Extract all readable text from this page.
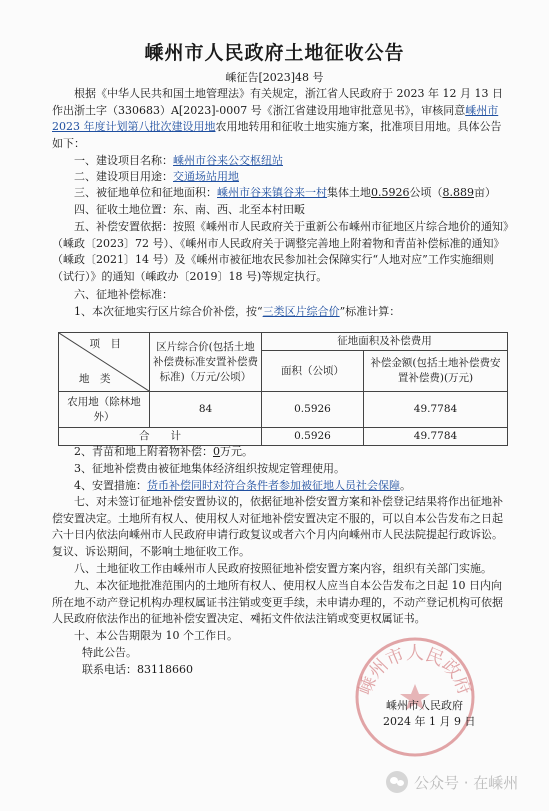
嵊州市人民政府土地征收公告
嵊征告[2023]48 号
根据《中华人民共和国土地管理法》有关规定，浙江省人民政府于 2023 年 12 月 13 日作出浙土字（330683）A[2023]-0007 号《浙江省建设用地审批意见书》，审核同意嵊州市 2023 年度计划第八批次建设用地农用地转用和征收土地实施方案，批准项目用地。具体公告如下：
一、建设项目名称：嵊州市谷来公交枢纽站
二、建设项目用途：交通场站用地
三、被征地单位和征地面积：嵊州市谷来镇谷来一村集体土地0.5926公顷（8.889亩）
四、征收土地位置：东、南、西、北至本村田畈
五、补偿安置依据：按照《嵊州市人民政府关于重新公布嵊州市征地区片综合地价的通知》（嵊政〔2023〕72 号）、《嵊州市人民政府关于调整完善地上附着物和青苗补偿标准的通知》（嵊政〔2021〕14 号）及《嵊州市被征地农民参加社会保障实行“人地对应”工作实施细则（试行）》的通知（嵊政办〔2019〕18 号)等规定执行。
六、征地补偿标准：
1、本次征地实行区片综合价补偿，按“三类区片综合价”标准计算：
项　目
地　类	区片综合价(包括土地补偿费标准安置补偿费标准)（万元/公顷）	征地面积及补偿费用	
		面积（公顷）	补偿金额(包括土地补偿费安置补偿费)(万元)
农用地（除林地外）	84	0.5926	49.7784
合　　计		0.5926	49.7784
2、青苗和地上附着物补偿：0万元。
3、征地补偿费由被征地集体经济组织按规定管理使用。
4、安置措施：货币补偿同时对符合条件者参加被征地人员社会保障。
七、对未签订征地补偿安置协议的，依据征地补偿安置方案和补偿登记结果将作出征地补偿安置决定。土地所有权人、使用权人对征地补偿安置决定不服的，可以自本公告发布之日起六十日内依法向嵊州市人民政府申请行政复议或者六个月内向嵊州市人民法院提起行政诉讼。复议、诉讼期间，不影响土地征收工作。
八、土地征收工作由嵊州市人民政府按照征地补偿安置方案内容，组织有关部门实施。
九、本次征地批准范围内的土地所有权人、使用权人应当自本公告发布之日起 10 日内向所在地不动产登记机构办理权属证书注销或变更手续，未申请办理的，不动产登记机构可依据人民政府依法作出的征地补偿安置决定、쨰拓文件依法注销或变更权属证书。
十、本公告期限为 10 个工作日。
特此公告。
联系电话：83118660
嵊州市人民政府
嵊州市人民政府
2024 年 1 月 9 日
公众号 · 在嵊州
